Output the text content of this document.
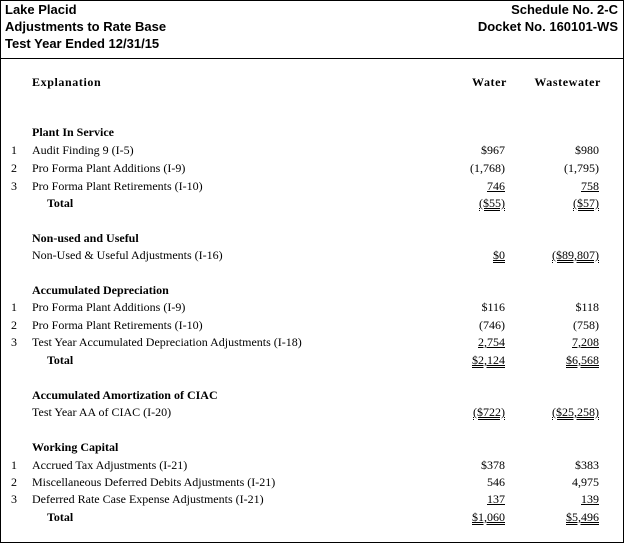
Lake Placid
Adjustments to Rate Base
Test Year Ended 12/31/15
Schedule No. 2-C
Docket No. 160101-WS
Explanation	Water	Wastewater
Plant In Service
1 Audit Finding 9 (I-5)	$967	$980
2 Pro Forma Plant Additions (I-9)	(1,768)	(1,795)
3 Pro Forma Plant Retirements (I-10)	746	758
Total	($55)	($57)
Non-used and Useful
Non-Used & Useful Adjustments (I-16)	$0	($89,807)
Accumulated Depreciation
1 Pro Forma Plant Additions (I-9)	$116	$118
2 Pro Forma Plant Retirements (I-10)	(746)	(758)
3 Test Year Accumulated Depreciation Adjustments (I-18)	2,754	7,208
Total	$2,124	$6,568
Accumulated Amortization of CIAC
Test Year AA of CIAC (I-20)	($722)	($25,258)
Working Capital
1 Accrued Tax Adjustments (I-21)	$378	$383
2 Miscellaneous Deferred Debits Adjustments (I-21)	546	4,975
3 Deferred Rate Case Expense Adjustments (I-21)	137	139
Total	$1,060	$5,496
